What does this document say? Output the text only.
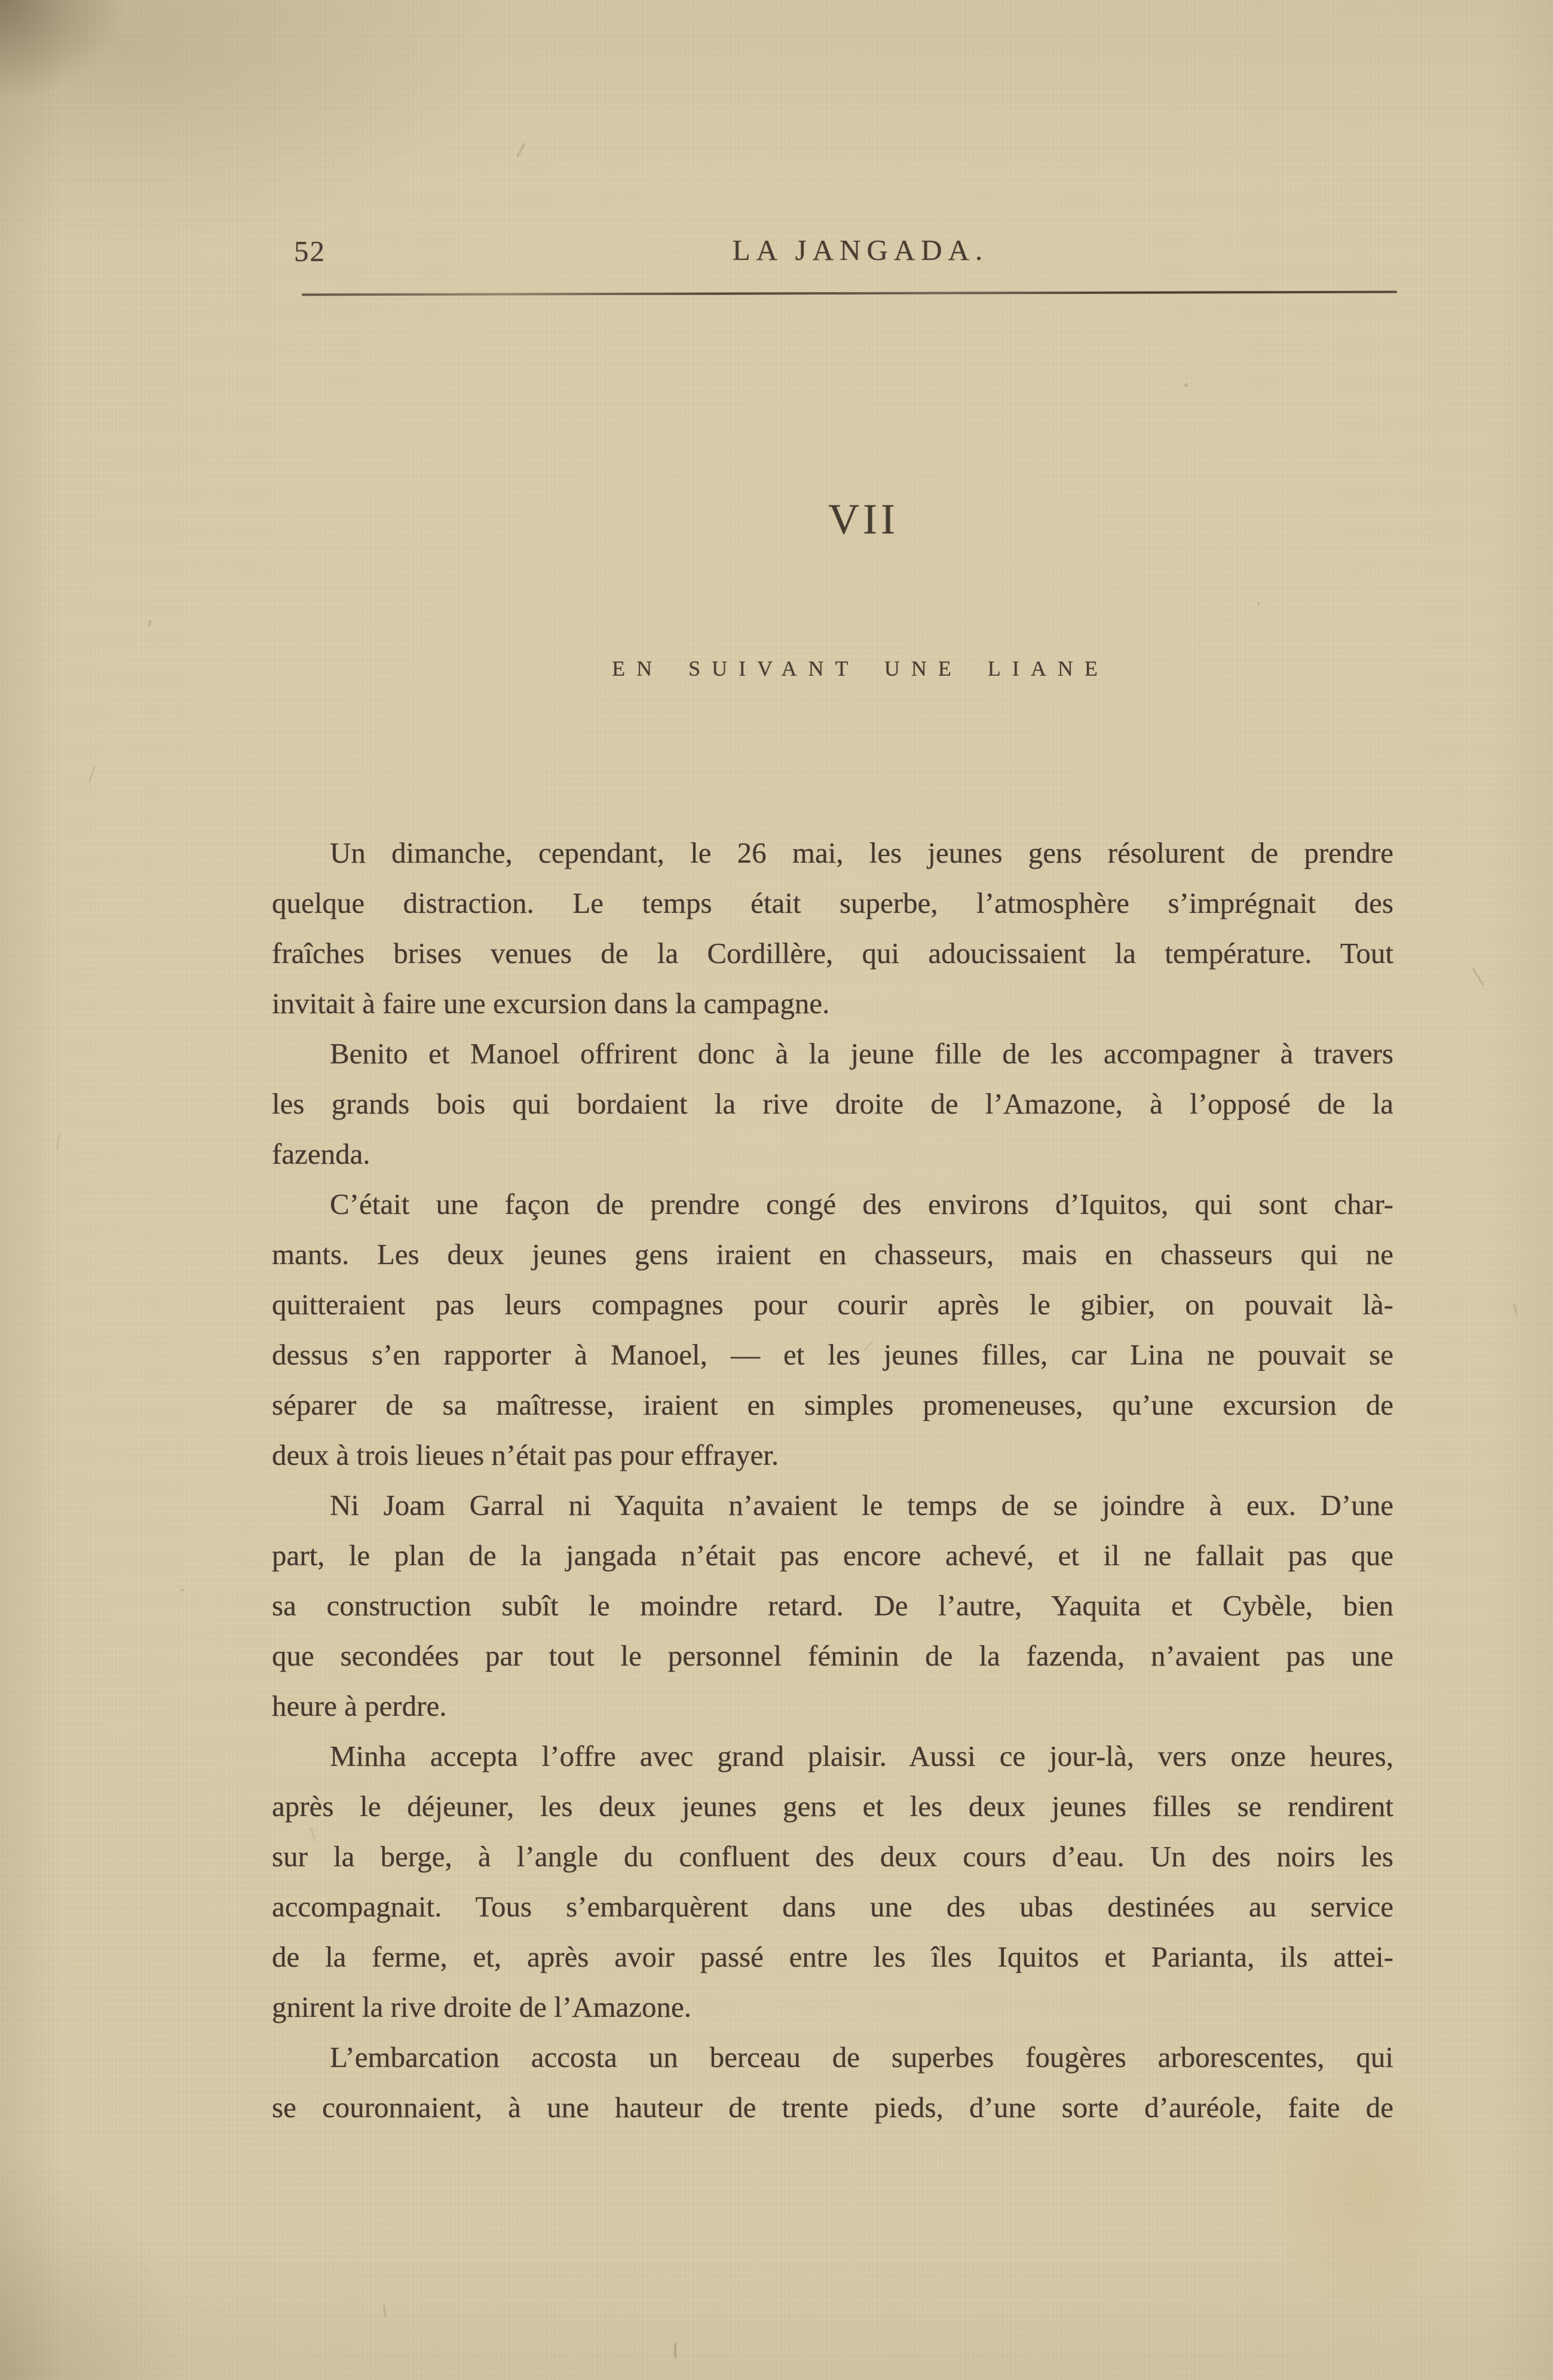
52	LA JANGADA.
VII
EN SUIVANT UNE LIANE
Un dimanche, cependant, le 26 mai, les jeunes gens résolurent de prendre
quelque distraction. Le temps était superbe, l’atmosphère s’imprégnait des
fraîches brises venues de la Cordillère, qui adoucissaient la température. Tout
invitait à faire une excursion dans la campagne.
Benito et Manoel offrirent donc à la jeune fille de les accompagner à travers
les grands bois qui bordaient la rive droite de l’Amazone, à l’opposé de la
fazenda.
C’était une façon de prendre congé des environs d’Iquitos, qui sont char-
mants. Les deux jeunes gens iraient en chasseurs, mais en chasseurs qui ne
quitteraient pas leurs compagnes pour courir après le gibier, on pouvait là-
dessus s’en rapporter à Manoel, — et les jeunes filles, car Lina ne pouvait se
séparer de sa maîtresse, iraient en simples promeneuses, qu’une excursion de
deux à trois lieues n’était pas pour effrayer.
Ni Joam Garral ni Yaquita n’avaient le temps de se joindre à eux. D’une
part, le plan de la jangada n’était pas encore achevé, et il ne fallait pas que
sa construction subît le moindre retard. De l’autre, Yaquita et Cybèle, bien
que secondées par tout le personnel féminin de la fazenda, n’avaient pas une
heure à perdre.
Minha accepta l’offre avec grand plaisir. Aussi ce jour-là, vers onze heures,
après le déjeuner, les deux jeunes gens et les deux jeunes filles se rendirent
sur la berge, à l’angle du confluent des deux cours d’eau. Un des noirs les
accompagnait. Tous s’embarquèrent dans une des ubas destinées au service
de la ferme, et, après avoir passé entre les îles Iquitos et Parianta, ils attei-
gnirent la rive droite de l’Amazone.
L’embarcation accosta un berceau de superbes fougères arborescentes, qui
se couronnaient, à une hauteur de trente pieds, d’une sorte d’auréole, faite de
